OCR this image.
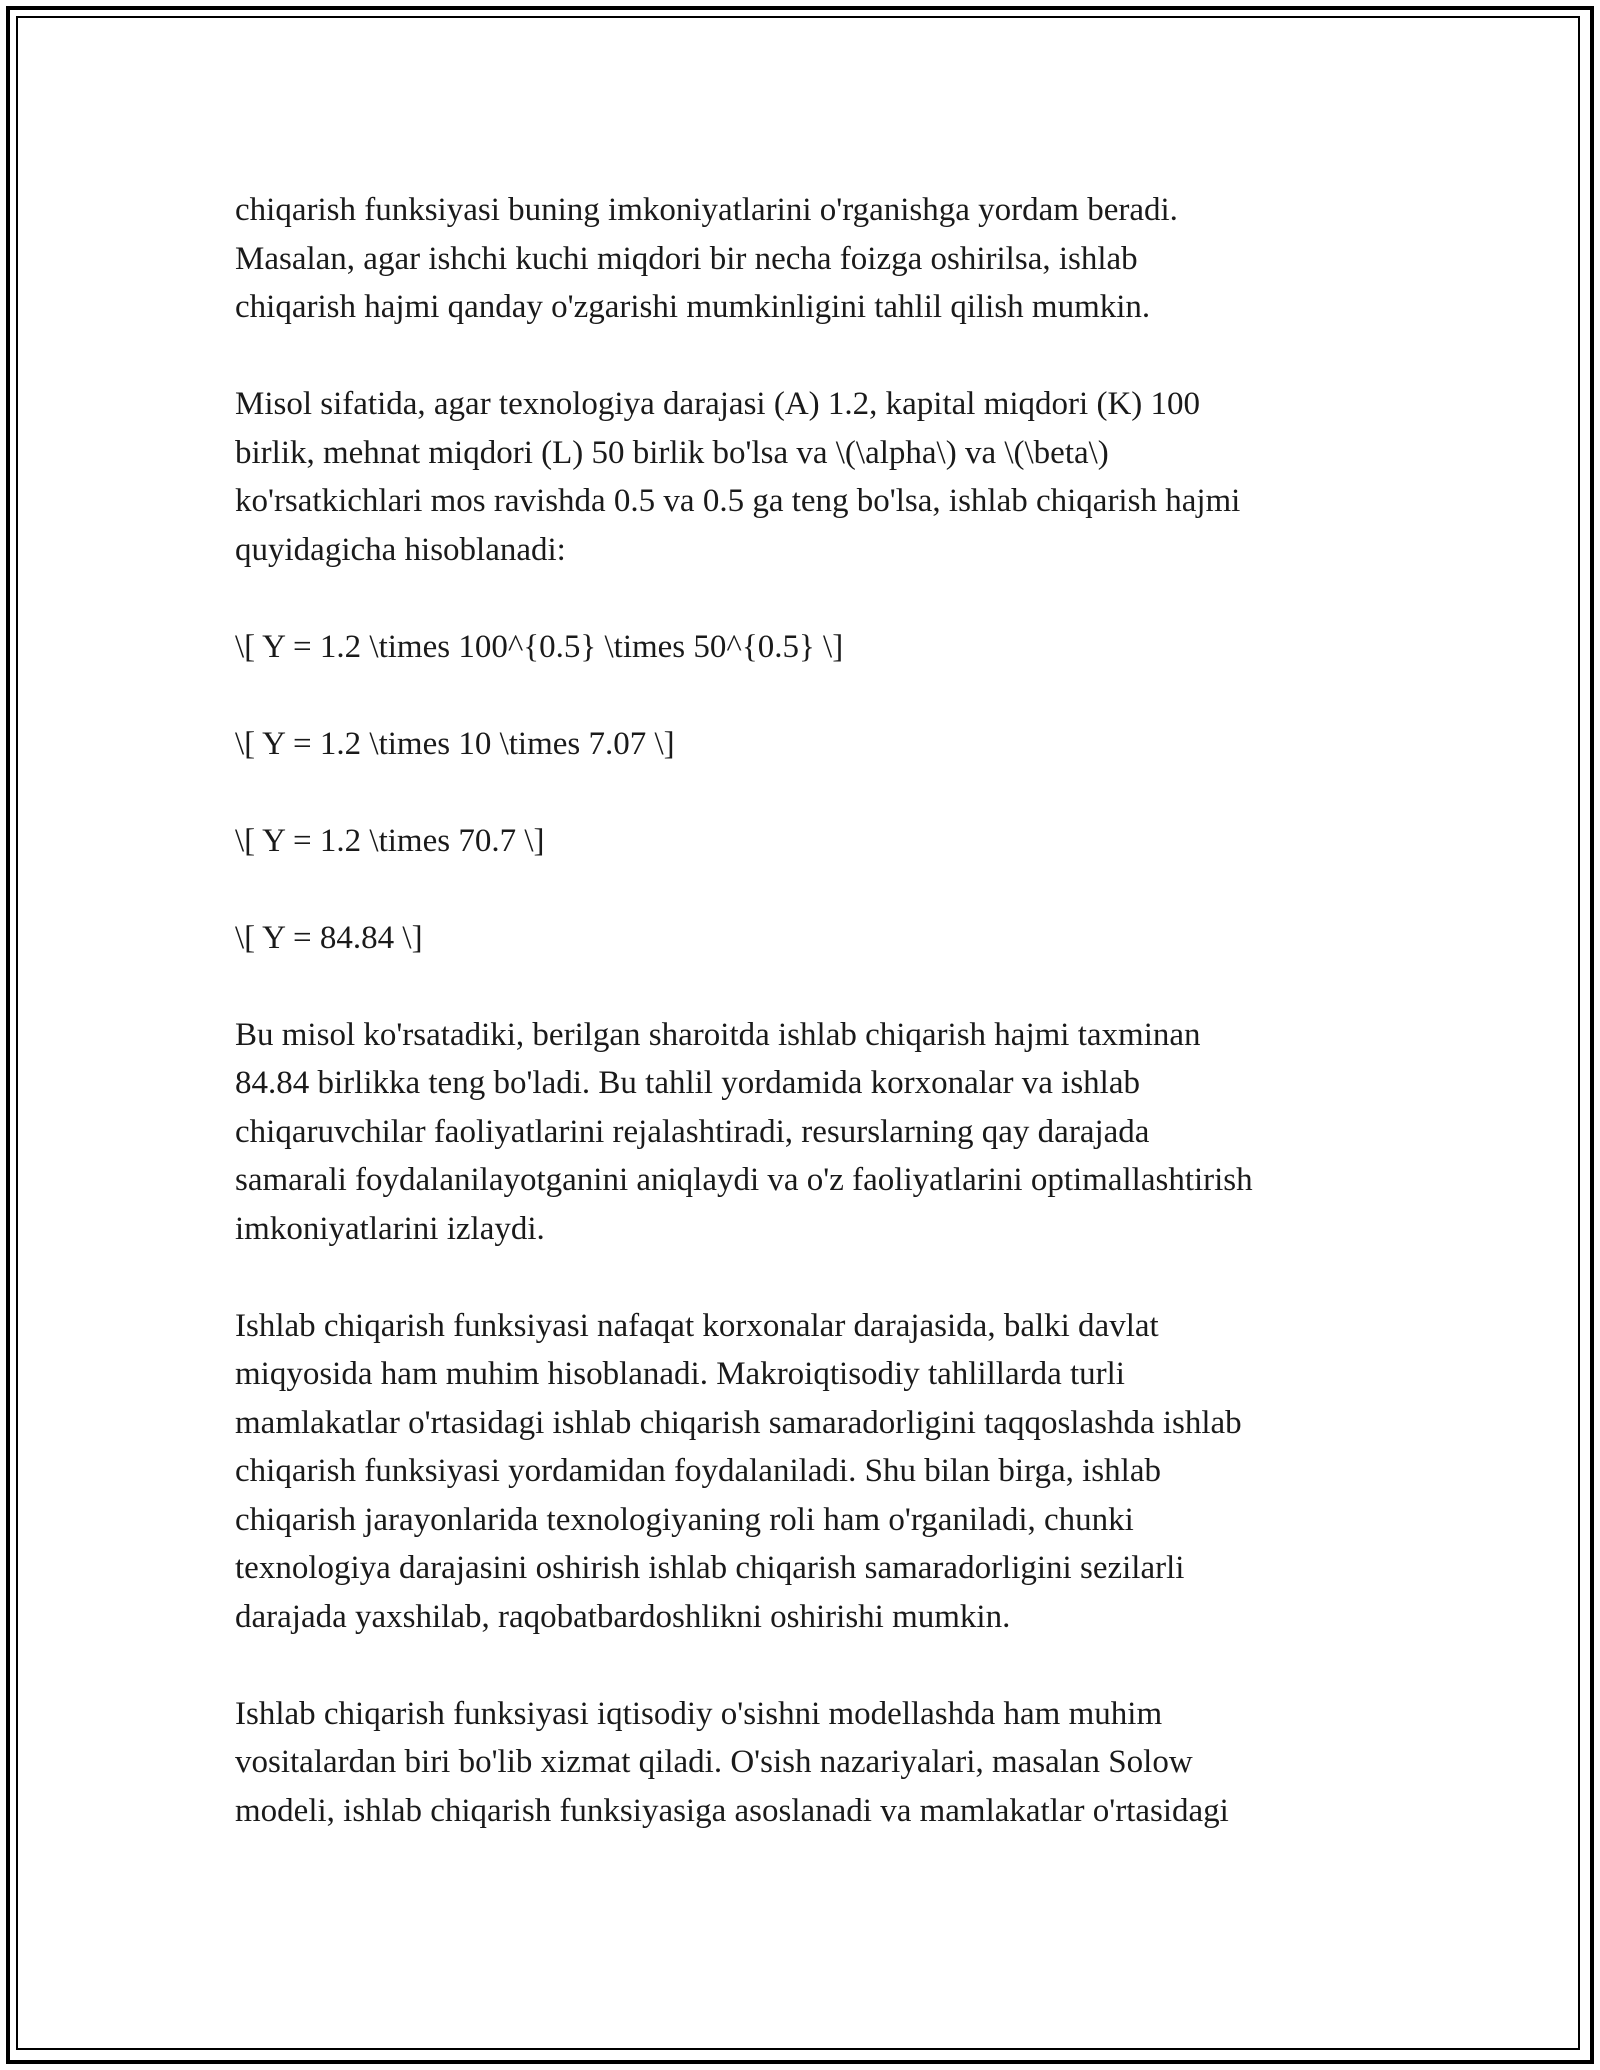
chiqarish funksiyasi buning imkoniyatlarini o'rganishga yordam beradi.
Masalan, agar ishchi kuchi miqdori bir necha foizga oshirilsa, ishlab
chiqarish hajmi qanday o'zgarishi mumkinligini tahlil qilish mumkin.

Misol sifatida, agar texnologiya darajasi (A) 1.2, kapital miqdori (K) 100
birlik, mehnat miqdori (L) 50 birlik bo'lsa va \(\alpha\) va \(\beta\)
ko'rsatkichlari mos ravishda 0.5 va 0.5 ga teng bo'lsa, ishlab chiqarish hajmi
quyidagicha hisoblanadi:

\[ Y = 1.2 \times 100^{0.5} \times 50^{0.5} \]

\[ Y = 1.2 \times 10 \times 7.07 \]

\[ Y = 1.2 \times 70.7 \]

\[ Y = 84.84 \]

Bu misol ko'rsatadiki, berilgan sharoitda ishlab chiqarish hajmi taxminan
84.84 birlikka teng bo'ladi. Bu tahlil yordamida korxonalar va ishlab
chiqaruvchilar faoliyatlarini rejalashtiradi, resurslarning qay darajada
samarali foydalanilayotganini aniqlaydi va o'z faoliyatlarini optimallashtirish
imkoniyatlarini izlaydi.

Ishlab chiqarish funksiyasi nafaqat korxonalar darajasida, balki davlat
miqyosida ham muhim hisoblanadi. Makroiqtisodiy tahlillarda turli
mamlakatlar o'rtasidagi ishlab chiqarish samaradorligini taqqoslashda ishlab
chiqarish funksiyasi yordamidan foydalaniladi. Shu bilan birga, ishlab
chiqarish jarayonlarida texnologiyaning roli ham o'rganiladi, chunki
texnologiya darajasini oshirish ishlab chiqarish samaradorligini sezilarli
darajada yaxshilab, raqobatbardoshlikni oshirishi mumkin.

Ishlab chiqarish funksiyasi iqtisodiy o'sishni modellashda ham muhim
vositalardan biri bo'lib xizmat qiladi. O'sish nazariyalari, masalan Solow
modeli, ishlab chiqarish funksiyasiga asoslanadi va mamlakatlar o'rtasidagi
